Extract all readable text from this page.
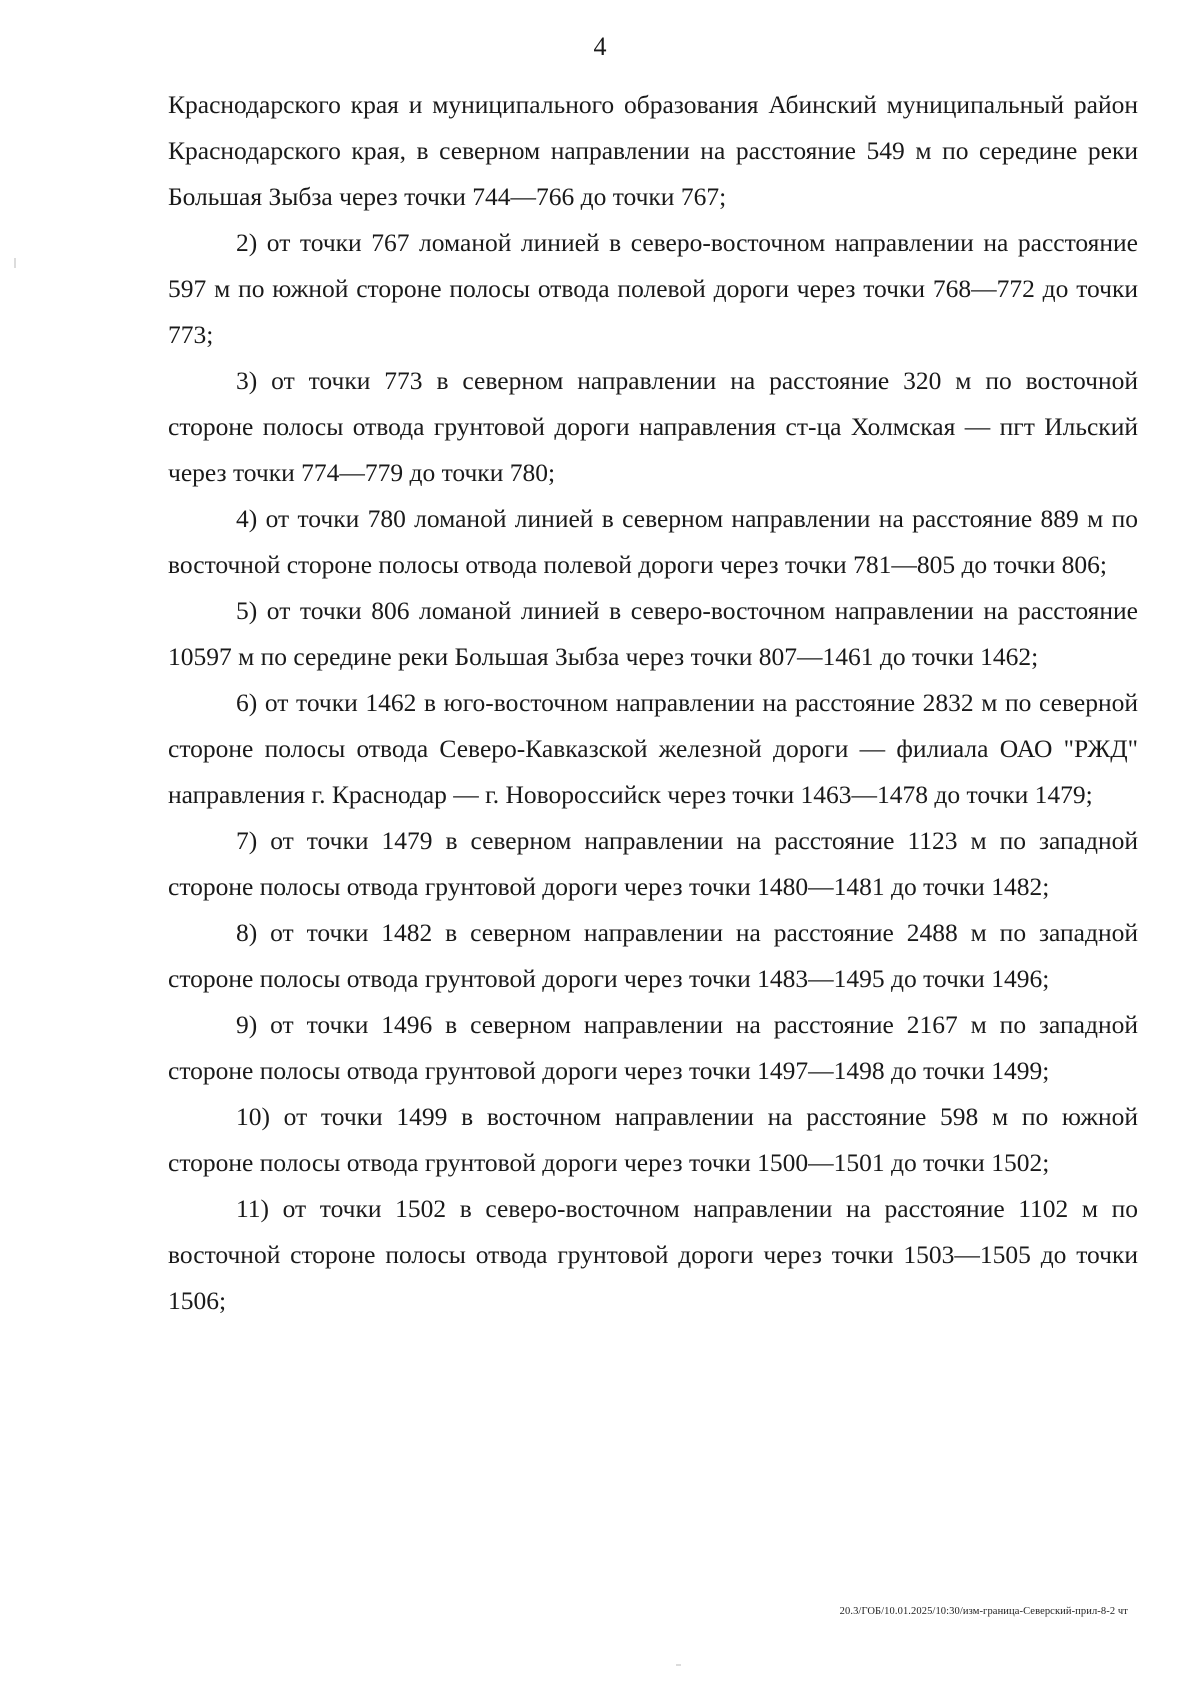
4

Краснодарского края и муниципального образования Абинский муниципальный район Краснодарского края, в северном направлении на расстояние 549 м по середине реки Большая Зыбза через точки 744—766 до точки 767;

2) от точки 767 ломаной линией в северо-восточном направлении на расстояние 597 м по южной стороне полосы отвода полевой дороги через точки 768—772 до точки 773;

3) от точки 773 в северном направлении на расстояние 320 м по восточной стороне полосы отвода грунтовой дороги направления ст-ца Холмская — пгт Ильский через точки 774—779 до точки 780;

4) от точки 780 ломаной линией в северном направлении на расстояние 889 м по восточной стороне полосы отвода полевой дороги через точки 781—805 до точки 806;

5) от точки 806 ломаной линией в северо-восточном направлении на расстояние 10597 м по середине реки Большая Зыбза через точки 807—1461 до точки 1462;

6) от точки 1462 в юго-восточном направлении на расстояние 2832 м по северной стороне полосы отвода Северо-Кавказской железной дороги — филиала ОАО "РЖД" направления г. Краснодар — г. Новороссийск через точки 1463—1478 до точки 1479;

7) от точки 1479 в северном направлении на расстояние 1123 м по западной стороне полосы отвода грунтовой дороги через точки 1480—1481 до точки 1482;

8) от точки 1482 в северном направлении на расстояние 2488 м по западной стороне полосы отвода грунтовой дороги через точки 1483—1495 до точки 1496;

9) от точки 1496 в северном направлении на расстояние 2167 м по западной стороне полосы отвода грунтовой дороги через точки 1497—1498 до точки 1499;

10) от точки 1499 в восточном направлении на расстояние 598 м по южной стороне полосы отвода грунтовой дороги через точки 1500—1501 до точки 1502;

11) от точки 1502 в северо-восточном направлении на расстояние 1102 м по восточной стороне полосы отвода грунтовой дороги через точки 1503—1505 до точки 1506;

20.3/ГОБ/10.01.2025/10:30/изм-граница-Северский-прил-8-2 чт
